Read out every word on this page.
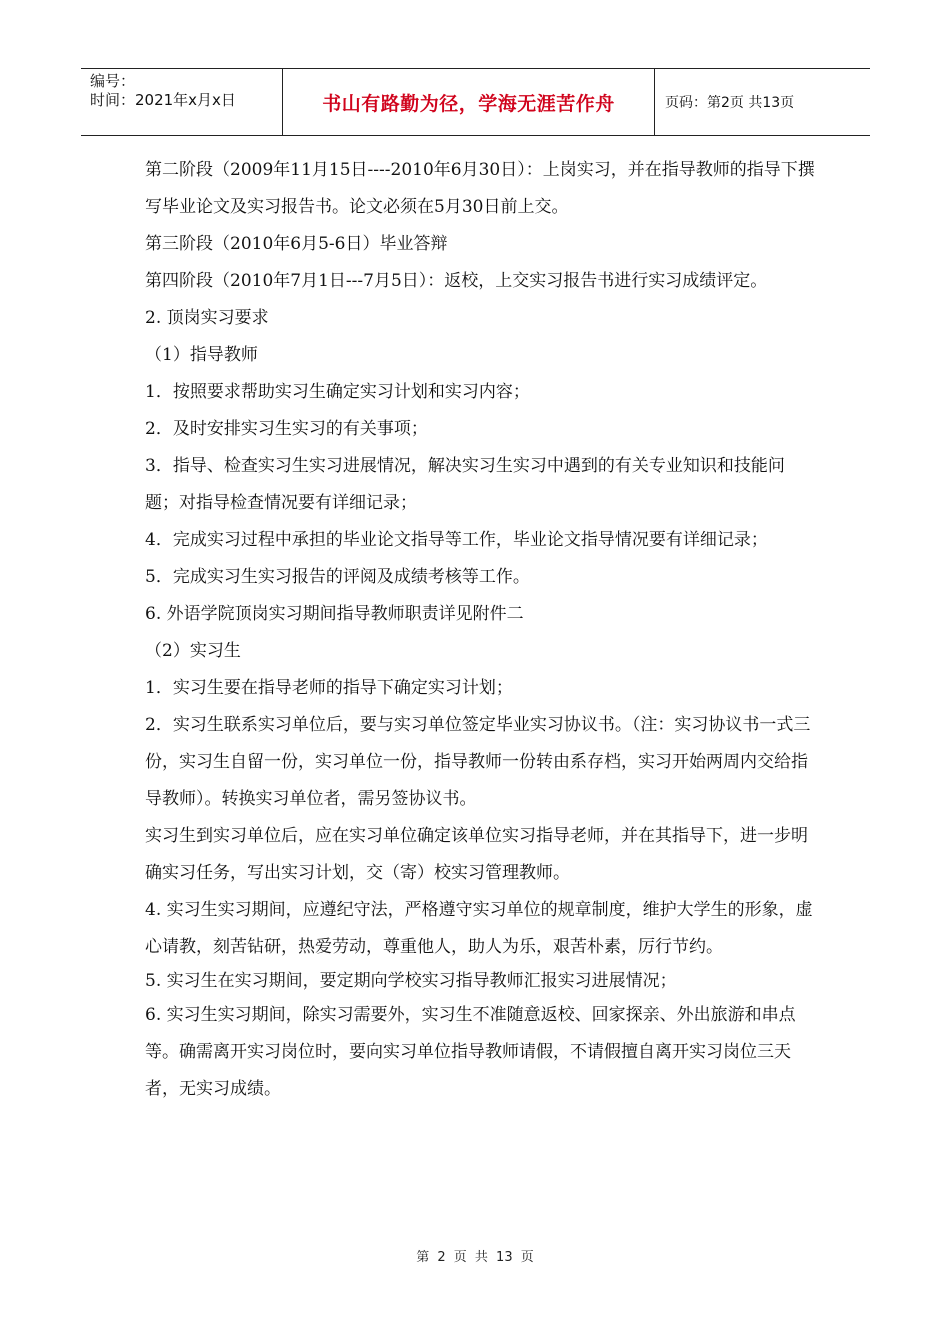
编号：
时间：2021年x月x日	书山有路勤为径，学海无涯苦作舟	页码：第2页 共13页

第二阶段（2009年11月15日----2010年6月30日）：上岗实习，并在指导教师的指导下撰写毕业论文及实习报告书。论文必须在5月30日前上交。

第三阶段（2010年6月5-6日）毕业答辩

第四阶段（2010年7月1日---7月5日）：返校，上交实习报告书进行实习成绩评定。

2. 顶岗实习要求

（1）指导教师

1．按照要求帮助实习生确定实习计划和实习内容；

2．及时安排实习生实习的有关事项；

3．指导、检查实习生实习进展情况，解决实习生实习中遇到的有关专业知识和技能问题；对指导检查情况要有详细记录；

4．完成实习过程中承担的毕业论文指导等工作，毕业论文指导情况要有详细记录；

5．完成实习生实习报告的评阅及成绩考核等工作。

6. 外语学院顶岗实习期间指导教师职责详见附件二

（2）实习生

1．实习生要在指导老师的指导下确定实习计划；

2．实习生联系实习单位后，要与实习单位签定毕业实习协议书。（注：实习协议书一式三份，实习生自留一份，实习单位一份，指导教师一份转由系存档，实习开始两周内交给指导教师）。转换实习单位者，需另签协议书。

实习生到实习单位后，应在实习单位确定该单位实习指导老师，并在其指导下，进一步明确实习任务，写出实习计划，交（寄）校实习管理教师。

4. 实习生实习期间，应遵纪守法，严格遵守实习单位的规章制度，维护大学生的形象，虚心请教，刻苦钻研，热爱劳动，尊重他人，助人为乐，艰苦朴素，厉行节约。

5. 实习生在实习期间，要定期向学校实习指导教师汇报实习进展情况；

6. 实习生实习期间，除实习需要外，实习生不准随意返校、回家探亲、外出旅游和串点等。确需离开实习岗位时，要向实习单位指导教师请假，不请假擅自离开实习岗位三天者，无实习成绩。

第 2 页 共 13 页
